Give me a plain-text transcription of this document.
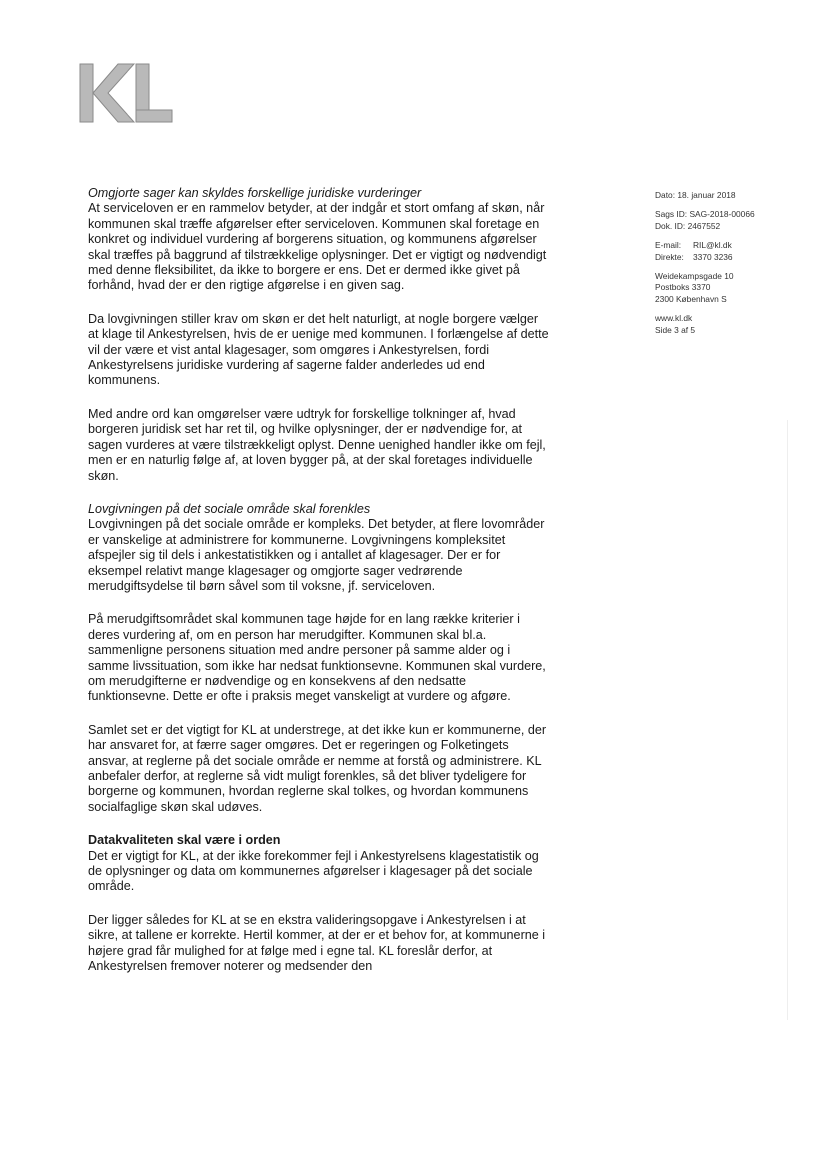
Dato: 18. januar 2018
Sags ID: SAG-2018-00066
Dok. ID: 2467552
E-mail:	RIL@kl.dk
Direkte:	3370 3236
Weidekampsgade 10
Postboks 3370
2300 København S
www.kl.dk
Side 3 af 5
Omgjorte sager kan skyldes forskellige juridiske vurderinger

At serviceloven er en rammelov betyder, at der indgår et stort omfang af skøn, når kommunen skal træffe afgørelser efter serviceloven. Kommunen skal foretage en konkret og individuel vurdering af borgerens situation, og kommunens afgørelser skal træffes på baggrund af tilstrækkelige oplysninger. Det er vigtigt og nødvendigt med denne fleksibilitet, da ikke to borgere er ens. Det er dermed ikke givet på forhånd, hvad der er den rigtige afgørelse i en given sag.

Da lovgivningen stiller krav om skøn er det helt naturligt, at nogle borgere vælger at klage til Ankestyrelsen, hvis de er uenige med kommunen. I forlængelse af dette vil der være et vist antal klagesager, som omgøres i Ankestyrelsen, fordi Ankestyrelsens juridiske vurdering af sagerne falder anderledes ud end kommunens.

Med andre ord kan omgørelser være udtryk for forskellige tolkninger af, hvad borgeren juridisk set har ret til, og hvilke oplysninger, der er nødvendige for, at sagen vurderes at være tilstrækkeligt oplyst. Denne uenighed handler ikke om fejl, men er en naturlig følge af, at loven bygger på, at der skal foretages individuelle skøn.

Lovgivningen på det sociale område skal forenkles

Lovgivningen på det sociale område er kompleks. Det betyder, at flere lovområder er vanskelige at administrere for kommunerne. Lovgivningens kompleksitet afspejler sig til dels i ankestatistikken og i antallet af klagesager. Der er for eksempel relativt mange klagesager og omgjorte sager vedrørende merudgiftsydelse til børn såvel som til voksne, jf. serviceloven.

På merudgiftsområdet skal kommunen tage højde for en lang række kriterier i deres vurdering af, om en person har merudgifter. Kommunen skal bl.a. sammenligne personens situation med andre personer på samme alder og i samme livssituation, som ikke har nedsat funktionsevne. Kommunen skal vurdere, om merudgifterne er nødvendige og en konsekvens af den nedsatte funktionsevne. Dette er ofte i praksis meget vanskeligt at vurdere og afgøre.

Samlet set er det vigtigt for KL at understrege, at det ikke kun er kommunerne, der har ansvaret for, at færre sager omgøres. Det er regeringen og Folketingets ansvar, at reglerne på det sociale område er nemme at forstå og administrere. KL anbefaler derfor, at reglerne så vidt muligt forenkles, så det bliver tydeligere for borgerne og kommunen, hvordan reglerne skal tolkes, og hvordan kommunens socialfaglige skøn skal udøves.

Datakvaliteten skal være i orden

Det er vigtigt for KL, at der ikke forekommer fejl i Ankestyrelsens klagestatistik og de oplysninger og data om kommunernes afgørelser i klagesager på det sociale område.

Der ligger således for KL at se en ekstra valideringsopgave i Ankestyrelsen i at sikre, at tallene er korrekte. Hertil kommer, at der er et behov for, at kommunerne i højere grad får mulighed for at følge med i egne tal. KL foreslår derfor, at Ankestyrelsen fremover noterer og medsender den
